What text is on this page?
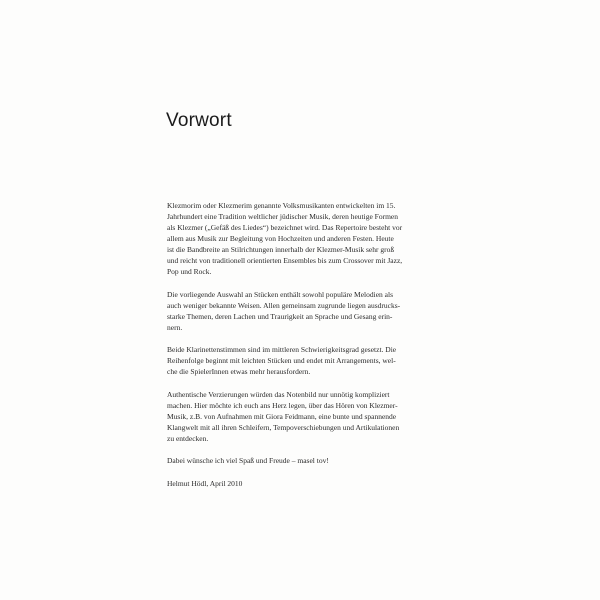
Vorwort

Klezmorim oder Klezmerim genannte Volksmusikanten entwickelten im 15.
Jahrhundert eine Tradition weltlicher jüdischer Musik, deren heutige Formen
als Klezmer („Gefäß des Liedes“) bezeichnet wird. Das Repertoire besteht vor
allem aus Musik zur Begleitung von Hochzeiten und anderen Festen. Heute
ist die Bandbreite an Stilrichtungen innerhalb der Klezmer-Musik sehr groß
und reicht von traditionell orientierten Ensembles bis zum Crossover mit Jazz,
Pop und Rock.

Die vorliegende Auswahl an Stücken enthält sowohl populäre Melodien als
auch weniger bekannte Weisen. Allen gemeinsam zugrunde liegen ausdrucks-
starke Themen, deren Lachen und Traurigkeit an Sprache und Gesang erin-
nern.

Beide Klarinettenstimmen sind im mittleren Schwierigkeitsgrad gesetzt. Die
Reihenfolge beginnt mit leichten Stücken und endet mit Arrangements, wel-
che die SpielerInnen etwas mehr herausfordern.

Authentische Verzierungen würden das Notenbild nur unnötig kompliziert
machen. Hier möchte ich euch ans Herz legen, über das Hören von Klezmer-
Musik, z.B. von Aufnahmen mit Giora Feidmann, eine bunte und spannende
Klangwelt mit all ihren Schleifern, Tempoverschiebungen und Artikulationen
zu entdecken.

Dabei wünsche ich viel Spaß und Freude – masel tov!

Helmut Hödl, April 2010
